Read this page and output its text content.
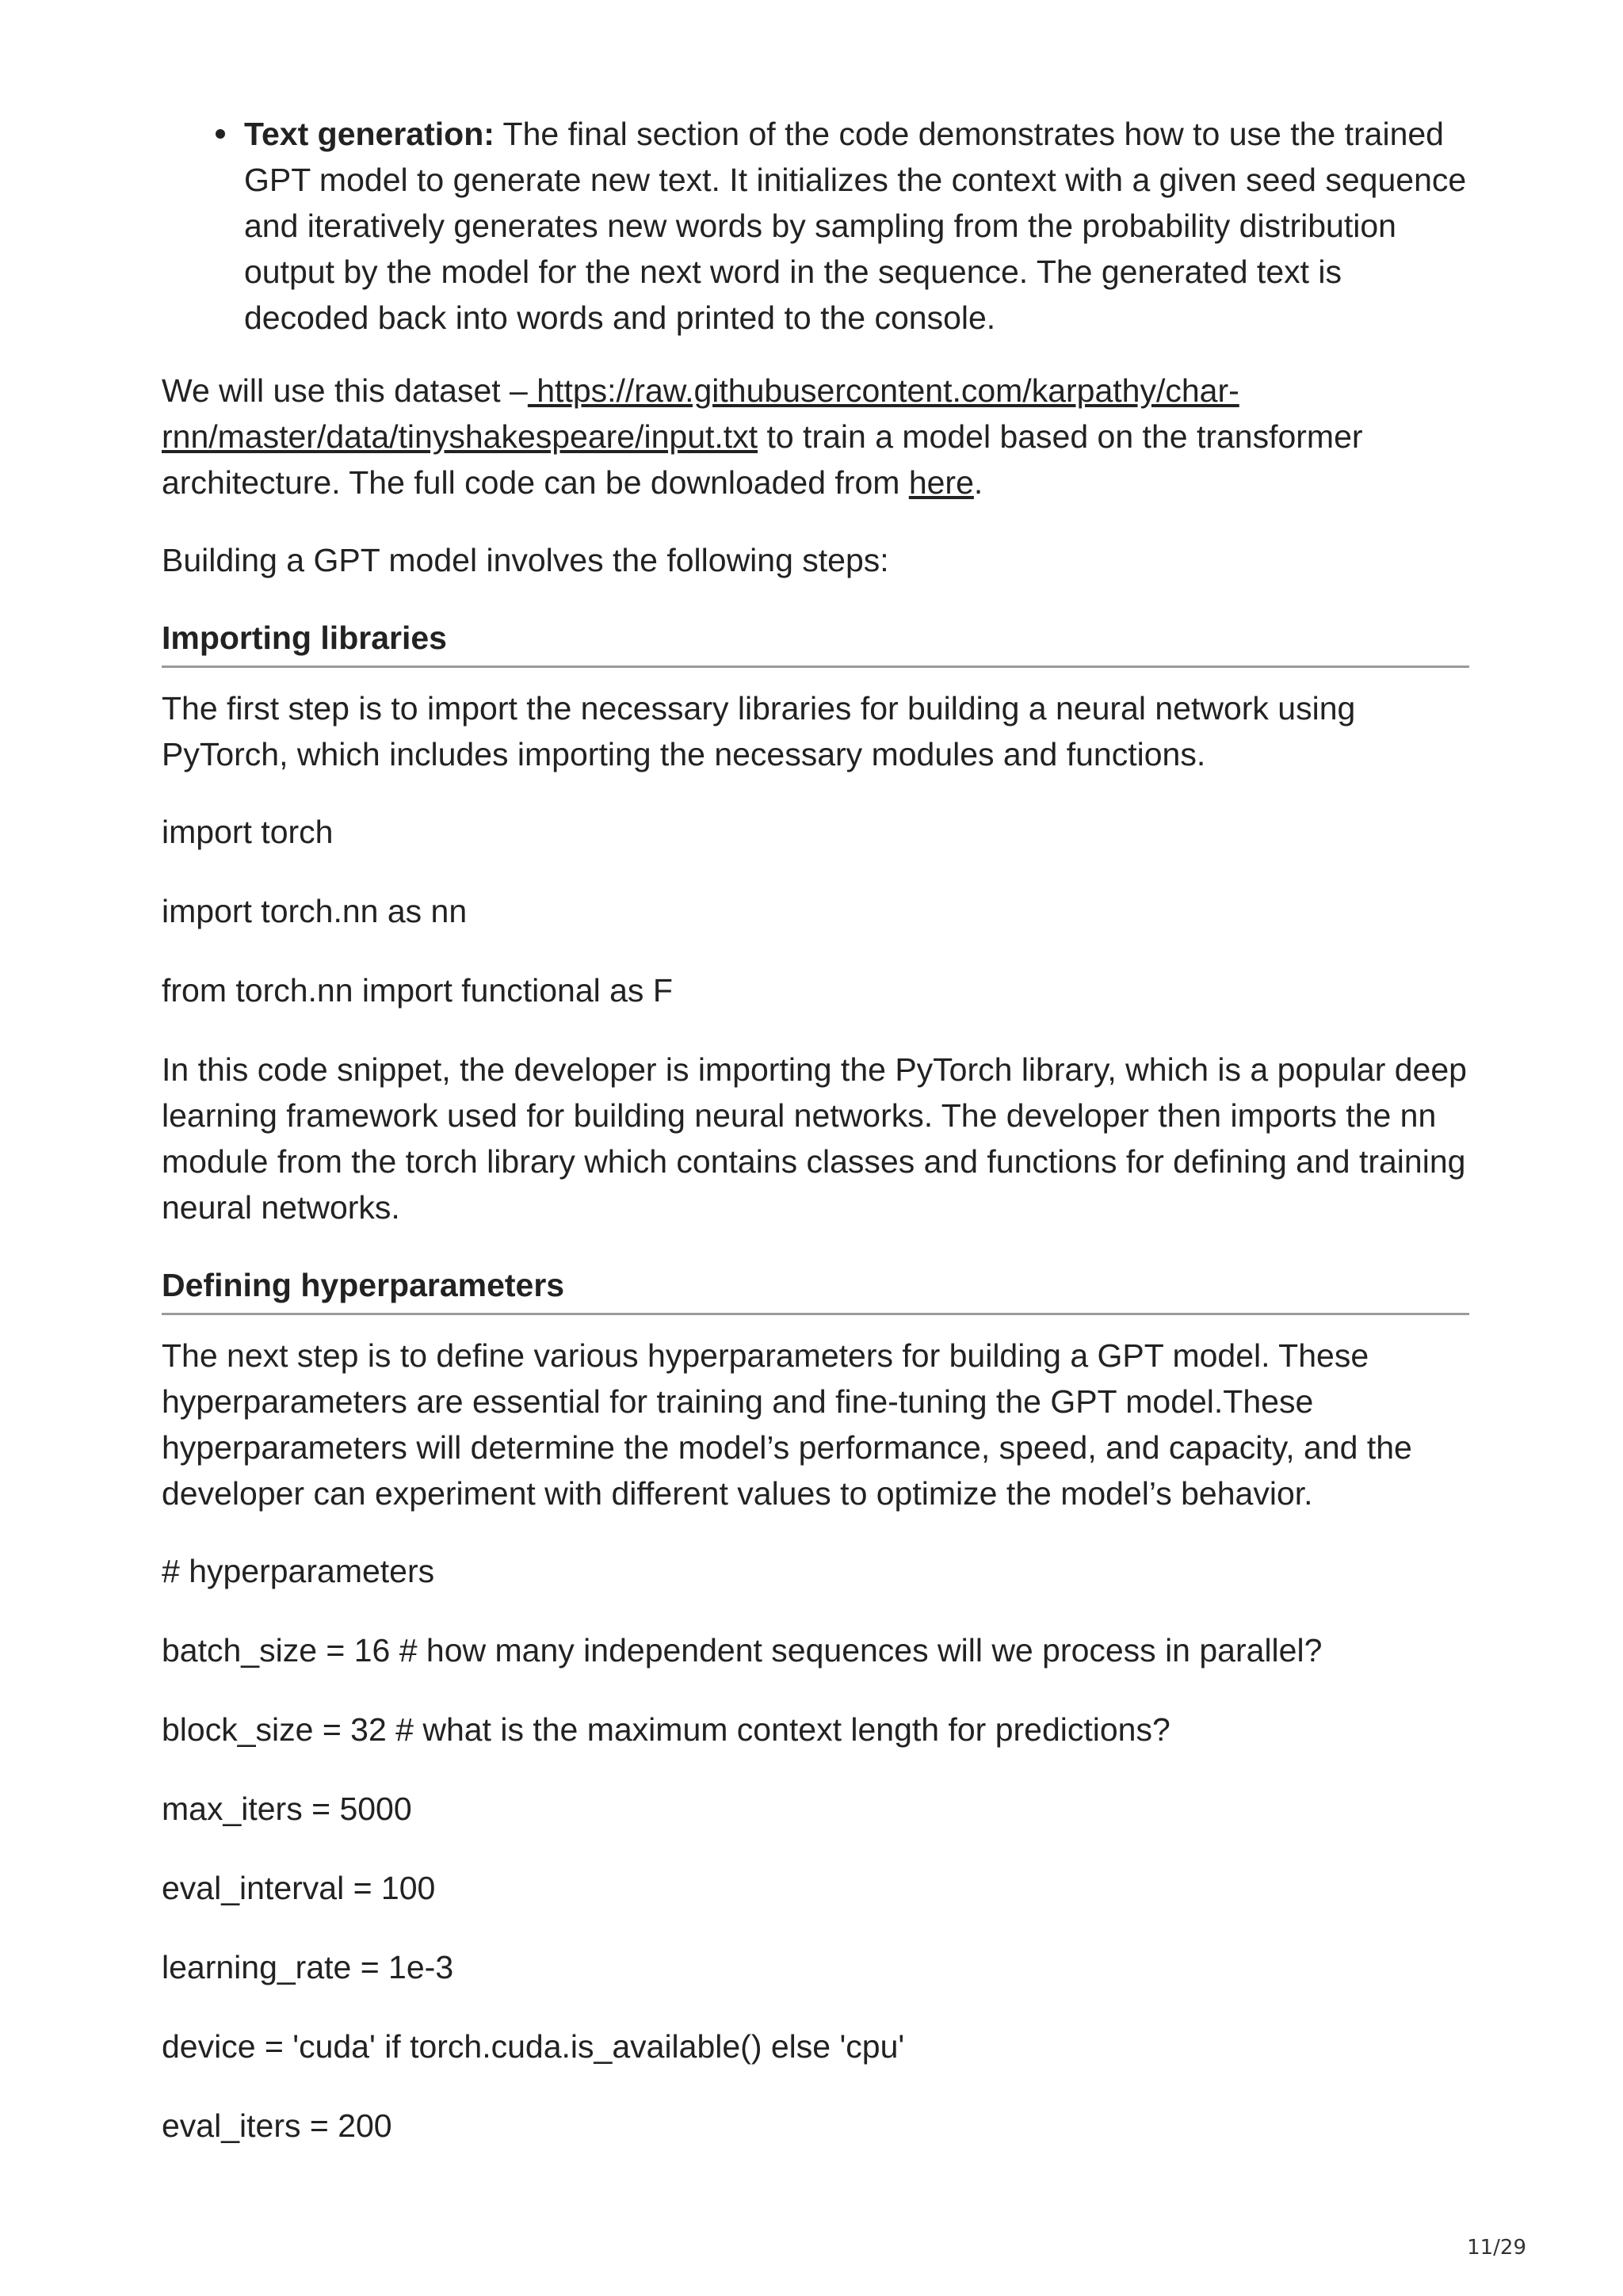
Text generation: The final section of the code demonstrates how to use the trained GPT model to generate new text. It initializes the context with a given seed sequence and iteratively generates new words by sampling from the probability distribution output by the model for the next word in the sequence. The generated text is decoded back into words and printed to the console.

We will use this dataset – https://raw.githubusercontent.com/karpathy/char-rnn/master/data/tinyshakespeare/input.txt to train a model based on the transformer architecture. The full code can be downloaded from here.

Building a GPT model involves the following steps:

Importing libraries

The first step is to import the necessary libraries for building a neural network using PyTorch, which includes importing the necessary modules and functions.

import torch

import torch.nn as nn

from torch.nn import functional as F

In this code snippet, the developer is importing the PyTorch library, which is a popular deep learning framework used for building neural networks. The developer then imports the nn module from the torch library which contains classes and functions for defining and training neural networks.

Defining hyperparameters

The next step is to define various hyperparameters for building a GPT model. These hyperparameters are essential for training and fine-tuning the GPT model.These hyperparameters will determine the model’s performance, speed, and capacity, and the developer can experiment with different values to optimize the model’s behavior.

# hyperparameters

batch_size = 16 # how many independent sequences will we process in parallel?

block_size = 32 # what is the maximum context length for predictions?

max_iters = 5000

eval_interval = 100

learning_rate = 1e-3

device = 'cuda' if torch.cuda.is_available() else 'cpu'

eval_iters = 200

11/29
